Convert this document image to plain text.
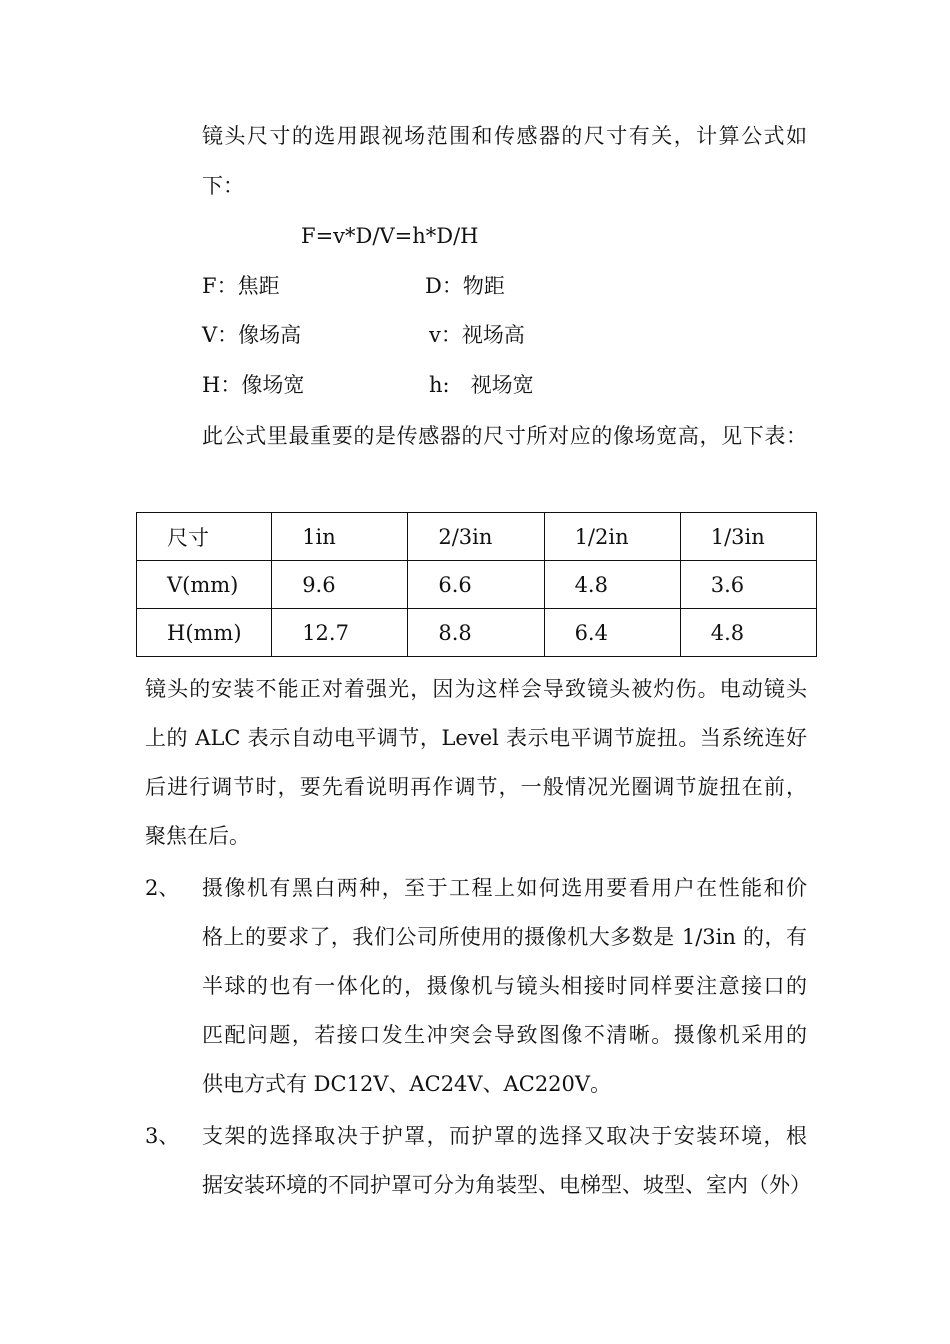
镜头尺寸的选用跟视场范围和传感器的尺寸有关，计算公式如
下：
F=v*D/V=h*D/H
F：焦距	D：物距
V：像场高	v：视场高
H：像场宽	h:　视场宽
此公式里最重要的是传感器的尺寸所对应的像场宽高，见下表：
尺寸	1in	2/3in	1/2in	1/3in
V(mm)	9.6	6.6	4.8	3.6
H(mm)	12.7	8.8	6.4	4.8
镜头的安装不能正对着强光，因为这样会导致镜头被灼伤。电动镜头
上的 ALC 表示自动电平调节，Level 表示电平调节旋扭。当系统连好
后进行调节时，要先看说明再作调节，一般情况光圈调节旋扭在前，
聚焦在后。
2、 摄像机有黑白两种，至于工程上如何选用要看用户在性能和价
格上的要求了，我们公司所使用的摄像机大多数是 1/3in 的，有
半球的也有一体化的，摄像机与镜头相接时同样要注意接口的
匹配问题，若接口发生冲突会导致图像不清晰。摄像机采用的
供电方式有 DC12V、AC24V、AC220V。
3、 支架的选择取决于护罩，而护罩的选择又取决于安装环境，根
据安装环境的不同护罩可分为角装型、电梯型、坡型、室内（外）
